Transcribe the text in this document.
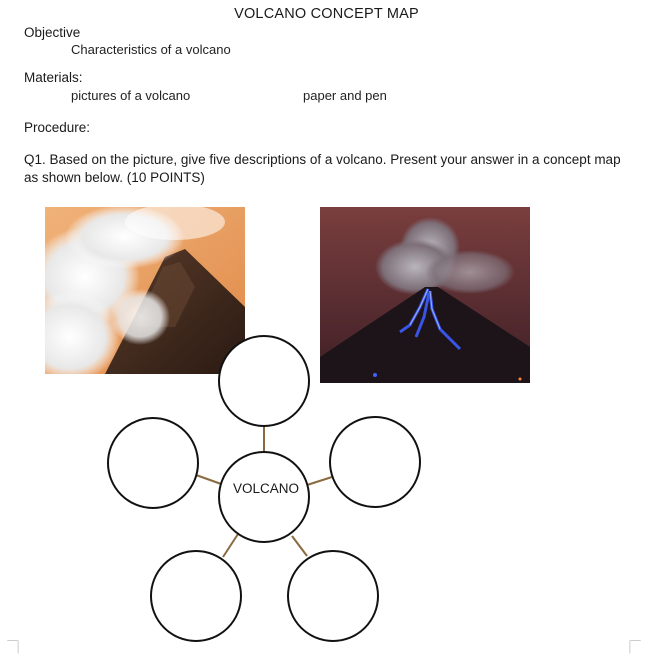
VOLCANO CONCEPT MAP
Objective
Characteristics of a volcano
Materials:
pictures of a volcano	paper and pen
Procedure:
Q1. Based on the picture, give five descriptions of a volcano. Present your answer in a concept map as shown below. (10 POINTS)
VOLCANO
